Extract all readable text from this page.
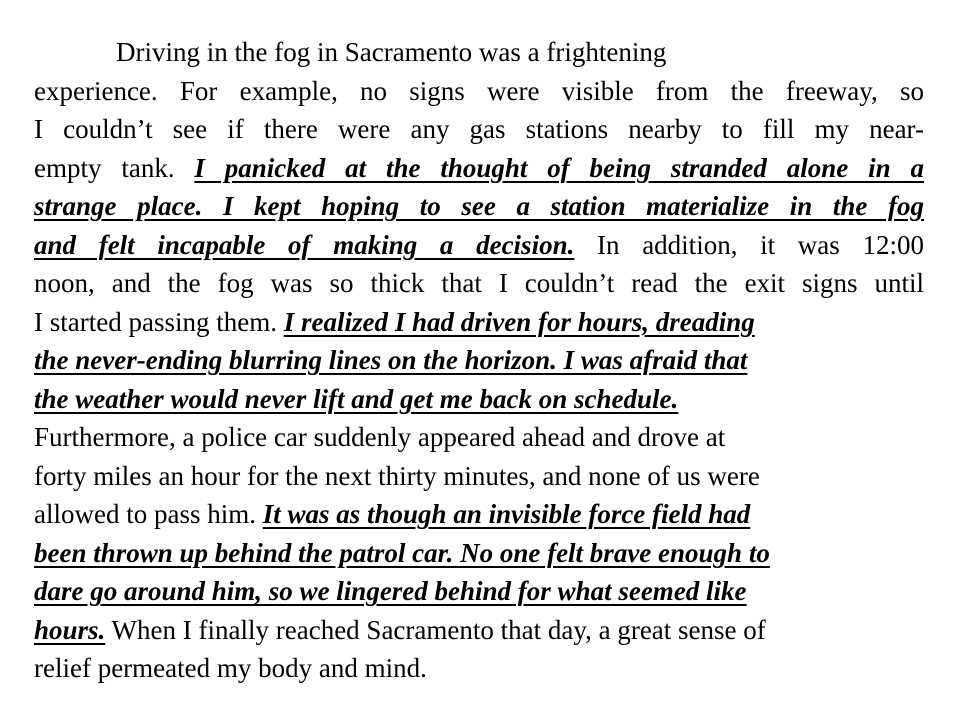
Driving in the fog in Sacramento was a frightening
experience. For example, no signs were visible from the freeway, so
I couldn’t see if there were any gas stations nearby to fill my near-
empty tank. I panicked at the thought of being stranded alone in a
strange place. I kept hoping to see a station materialize in the fog
and felt incapable of making a decision. In addition, it was 12:00
noon, and the fog was so thick that I couldn’t read the exit signs until
I started passing them. I realized I had driven for hours, dreading
the never-ending blurring lines on the horizon. I was afraid that
the weather would never lift and get me back on schedule.
Furthermore, a police car suddenly appeared ahead and drove at
forty miles an hour for the next thirty minutes, and none of us were
allowed to pass him. It was as though an invisible force field had
been thrown up behind the patrol car. No one felt brave enough to
dare go around him, so we lingered behind for what seemed like
hours. When I finally reached Sacramento that day, a great sense of
relief permeated my body and mind.
